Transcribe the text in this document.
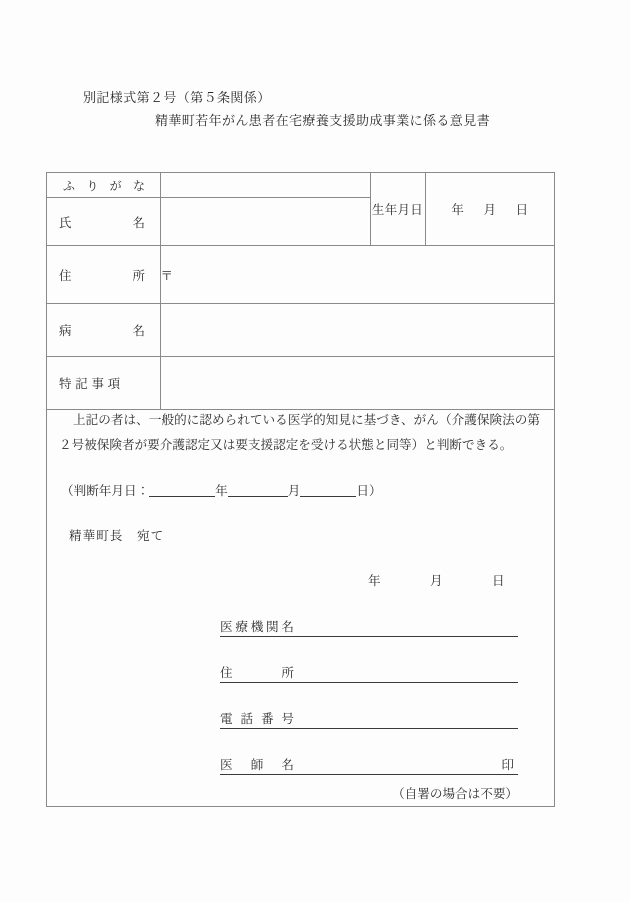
別記様式第２号（第５条関係）
精華町若年がん患者在宅療養支援助成事業に係る意見書
ふ り が な		生年月日	年 月 日

氏 名			

住 所	〒		

病 名			

特 記 事 項			

上記の者は、一般的に認められている医学的知見に基づき、がん（介護保険法の第２号被保険者が要介護認定又は要支援認定を受ける状態と同等）と判断できる。

（判断年月日：	年	月	日）
精華町長　宛て
年	月	日
医 療 機 関 名
住	所
電 話 番 号
医 師 名	印
（自署の場合は不要）
